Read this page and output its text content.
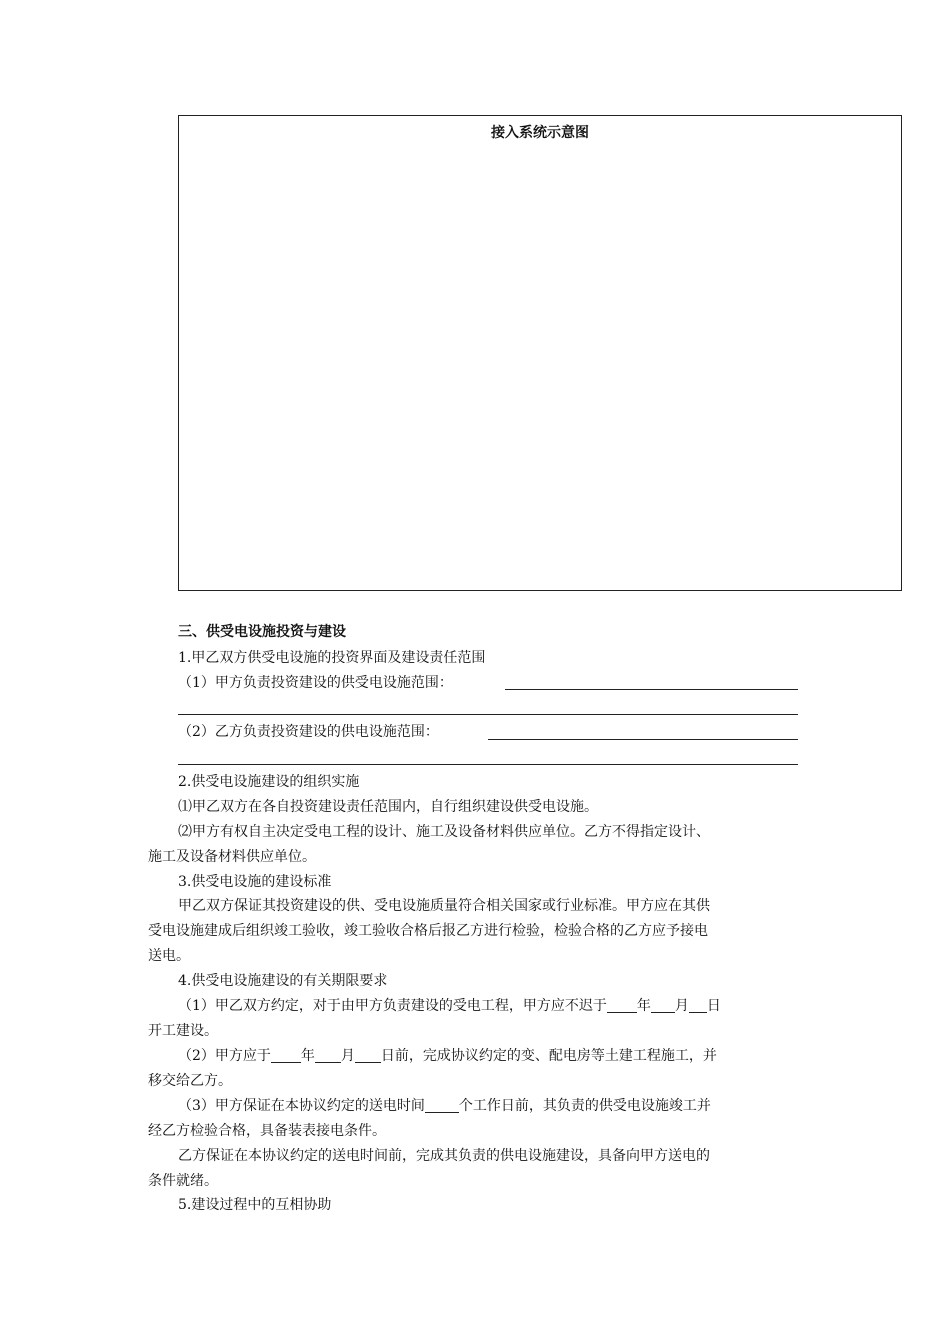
接入系统示意图
三、供受电设施投资与建设
1.甲乙双方供受电设施的投资界面及建设责任范围
（1）甲方负责投资建设的供受电设施范围：
（2）乙方负责投资建设的供电设施范围：
2.供受电设施建设的组织实施
⑴甲乙双方在各自投资建设责任范围内，自行组织建设供受电设施。
⑵甲方有权自主决定受电工程的设计、施工及设备材料供应单位。乙方不得指定设计、
施工及设备材料供应单位。
3.供受电设施的建设标准
甲乙双方保证其投资建设的供、受电设施质量符合相关国家或行业标准。甲方应在其供
受电设施建成后组织竣工验收，竣工验收合格后报乙方进行检验，检验合格的乙方应予接电
送电。
4.供受电设施建设的有关期限要求
（1）甲乙双方约定，对于由甲方负责建设的受电工程，甲方应不迟于 年 月 日
开工建设。
（2）甲方应于 年 月 日前，完成协议约定的变、配电房等土建工程施工，并
移交给乙方。
（3）甲方保证在本协议约定的送电时间 个工作日前，其负责的供受电设施竣工并
经乙方检验合格，具备装表接电条件。
乙方保证在本协议约定的送电时间前，完成其负责的供电设施建设，具备向甲方送电的
条件就绪。
5.建设过程中的互相协助
